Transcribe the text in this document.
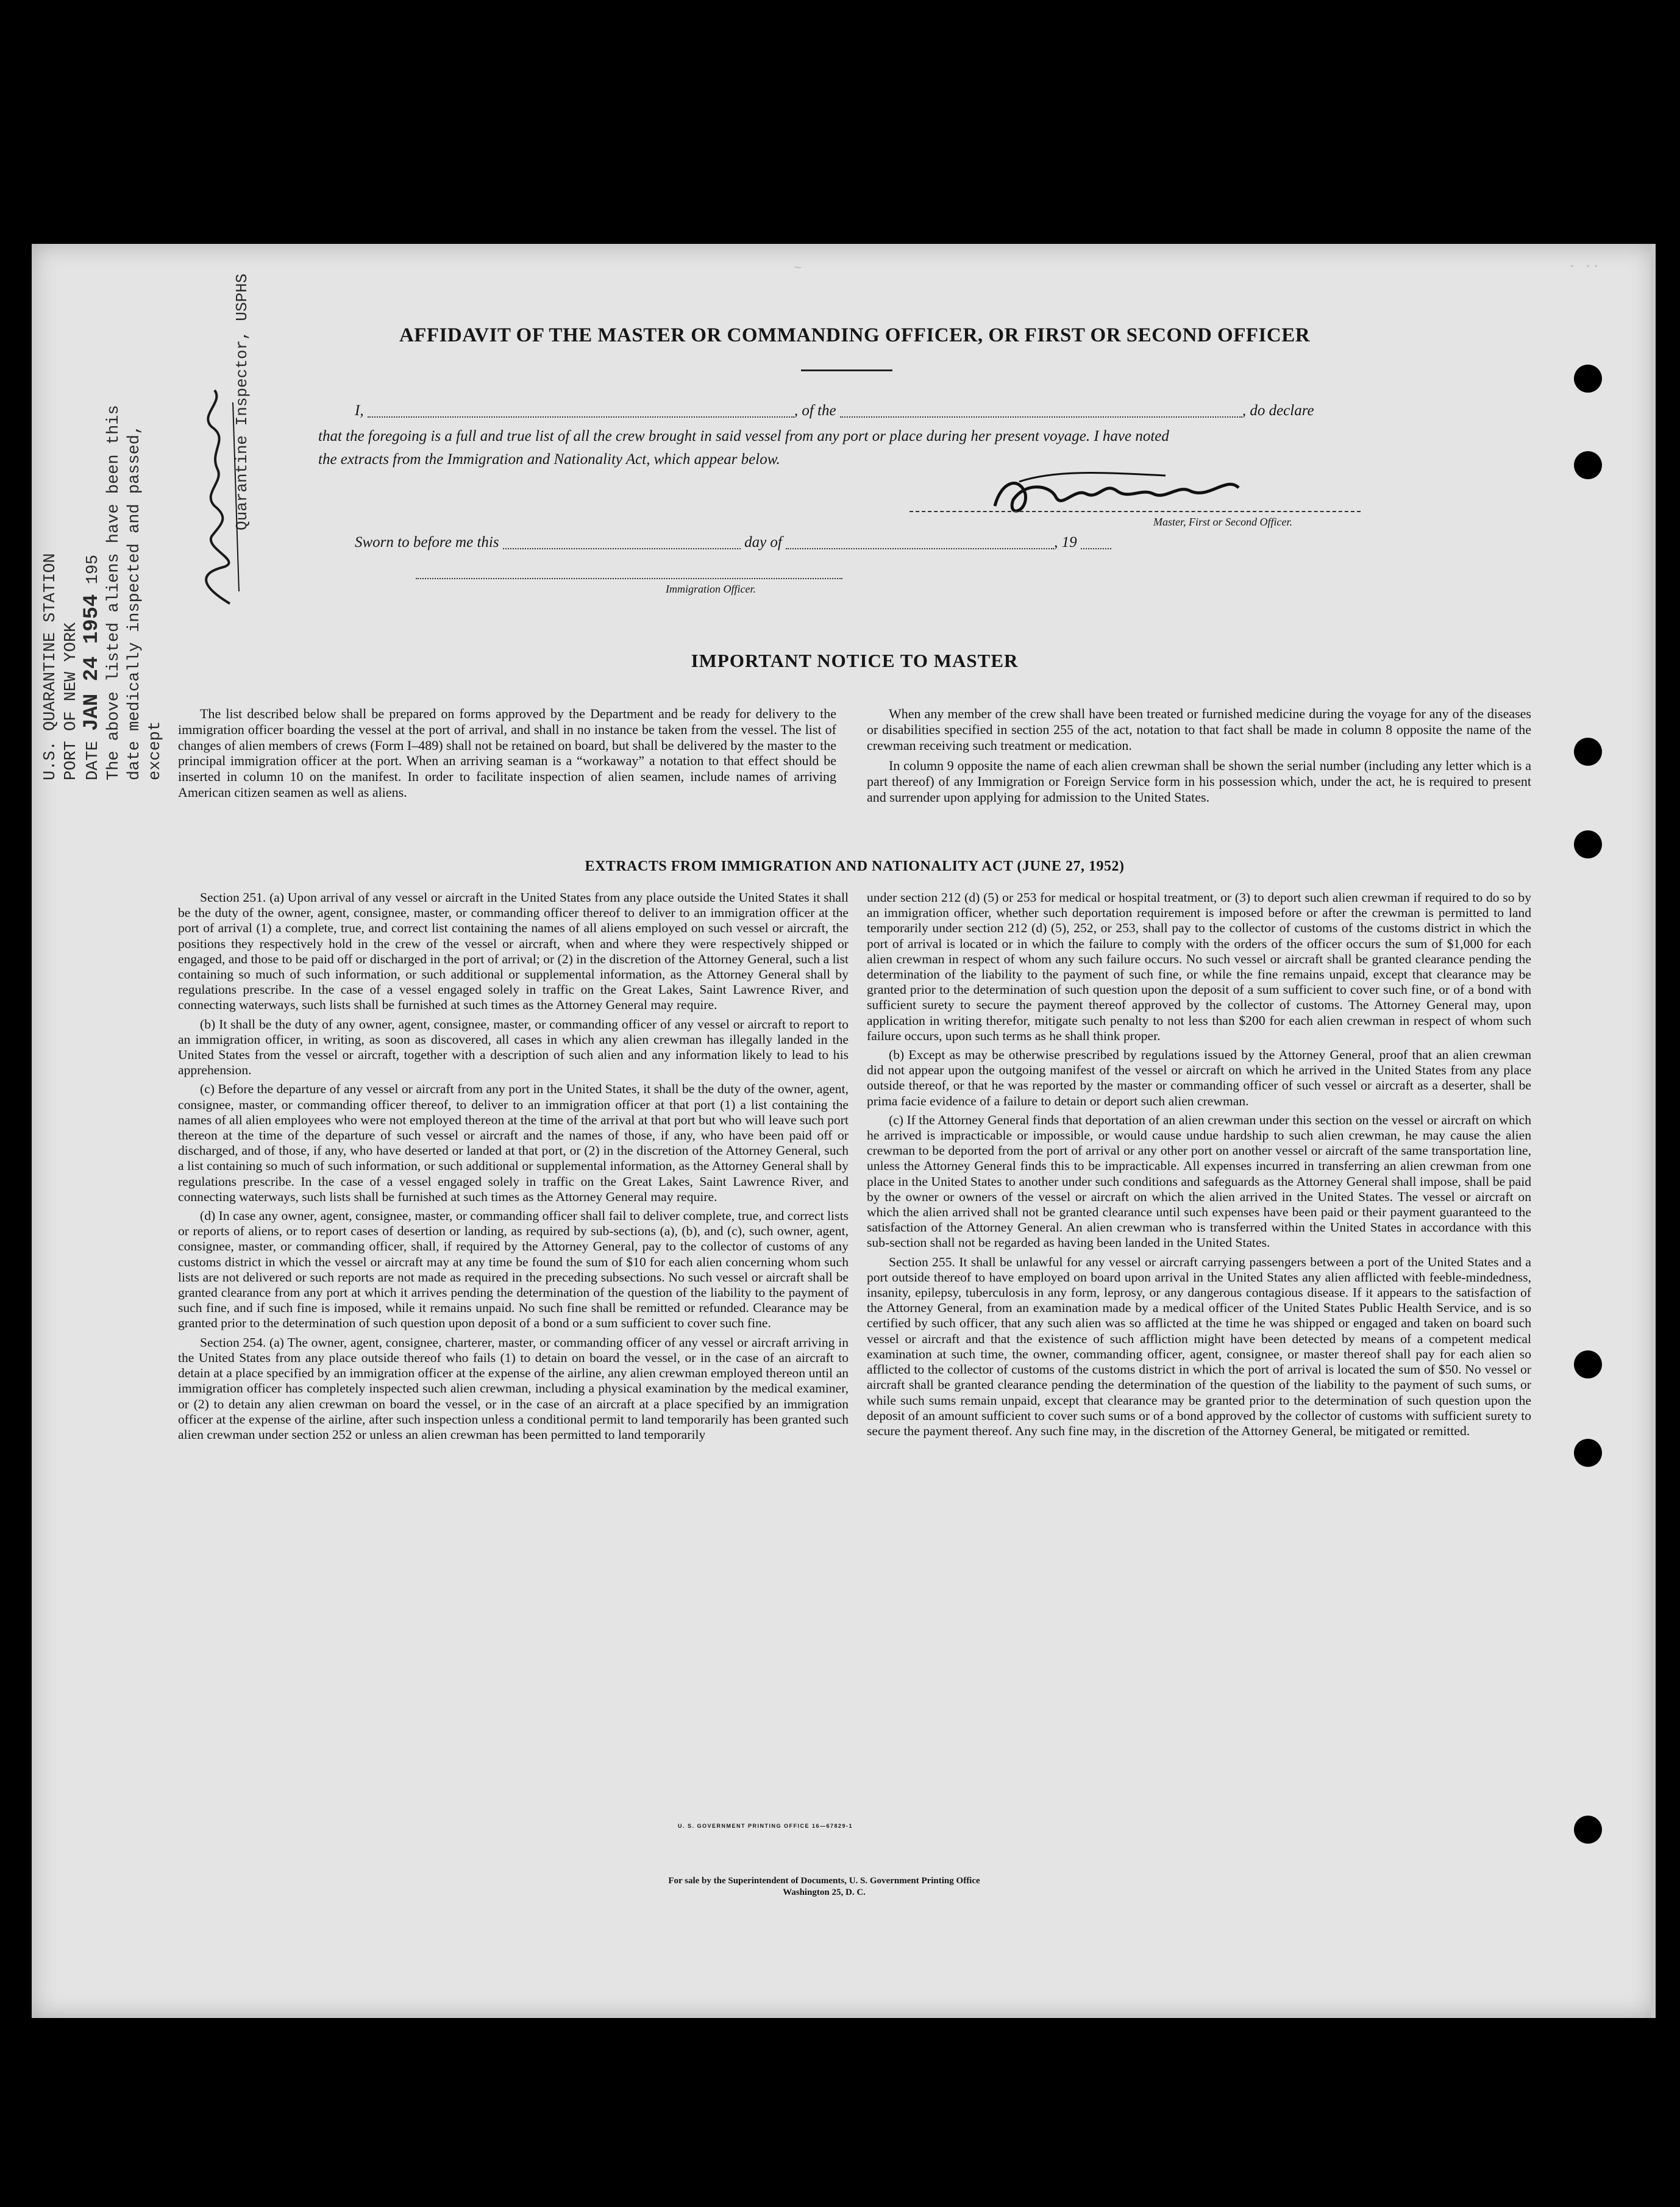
~	. ..
U.S. QUARANTINE STATION PORT OF NEW YORK DATE JAN 24 1954 195 The above listed aliens have been this date medically inspected and passed, except
Quarantine Inspector, USPHS	AFFIDAVIT OF THE MASTER OR COMMANDING OFFICER, OR FIRST OR SECOND OFFICER
I,	, of the	, do declare
that the foregoing is a full and true list of all the crew brought in said vessel from any port or place during her present voyage. I have noted
the extracts from the Immigration and Nationality Act, which appear below.
Master, First or Second Officer.
Sworn to before me this	day of	, 19
Immigration Officer.
IMPORTANT NOTICE TO MASTER

The list described below shall be prepared on forms approved by the Department and be ready for delivery to the immigration officer boarding the vessel at the port of arrival, and shall in no instance be taken from the vessel. The list of changes of alien members of crews (Form I–489) shall not be retained on board, but shall be delivered by the master to the principal immigration officer at the port. When an arriving seaman is a “workaway” a notation to that effect should be inserted in column 10 on the manifest. In order to facilitate inspection of alien seamen, include names of arriving American citizen seamen as well as aliens.

When any member of the crew shall have been treated or furnished medicine during the voyage for any of the diseases or disabilities specified in section 255 of the act, notation to that fact shall be made in column 8 opposite the name of the crewman receiving such treatment or medication.

In column 9 opposite the name of each alien crewman shall be shown the serial number (including any letter which is a part thereof) of any Immigration or Foreign Service form in his possession which, under the act, he is required to present and surrender upon applying for admission to the United States.

EXTRACTS FROM IMMIGRATION AND NATIONALITY ACT (JUNE 27, 1952)

Section 251. (a) Upon arrival of any vessel or aircraft in the United States from any place outside the United States it shall be the duty of the owner, agent, consignee, master, or commanding officer thereof to deliver to an immigration officer at the port of arrival (1) a complete, true, and correct list containing the names of all aliens employed on such vessel or aircraft, the positions they respectively hold in the crew of the vessel or aircraft, when and where they were respectively shipped or engaged, and those to be paid off or discharged in the port of arrival; or (2) in the discretion of the Attorney General, such a list containing so much of such information, or such additional or supplemental information, as the Attorney General shall by regulations prescribe. In the case of a vessel engaged solely in traffic on the Great Lakes, Saint Lawrence River, and connecting waterways, such lists shall be furnished at such times as the Attorney General may require.

(b) It shall be the duty of any owner, agent, consignee, master, or commanding officer of any vessel or aircraft to report to an immigration officer, in writing, as soon as discovered, all cases in which any alien crewman has illegally landed in the United States from the vessel or aircraft, together with a description of such alien and any information likely to lead to his apprehension.

(c) Before the departure of any vessel or aircraft from any port in the United States, it shall be the duty of the owner, agent, consignee, master, or commanding officer thereof, to deliver to an immigration officer at that port (1) a list containing the names of all alien employees who were not employed thereon at the time of the arrival at that port but who will leave such port thereon at the time of the departure of such vessel or aircraft and the names of those, if any, who have been paid off or discharged, and of those, if any, who have deserted or landed at that port, or (2) in the discretion of the Attorney General, such a list containing so much of such information, or such additional or supplemental information, as the Attorney General shall by regulations prescribe. In the case of a vessel engaged solely in traffic on the Great Lakes, Saint Lawrence River, and connecting waterways, such lists shall be furnished at such times as the Attorney General may require.

(d) In case any owner, agent, consignee, master, or commanding officer shall fail to deliver complete, true, and correct lists or reports of aliens, or to report cases of desertion or landing, as required by sub-sections (a), (b), and (c), such owner, agent, consignee, master, or commanding officer, shall, if required by the Attorney General, pay to the collector of customs of any customs district in which the vessel or aircraft may at any time be found the sum of $10 for each alien concerning whom such lists are not delivered or such reports are not made as required in the preceding subsections. No such vessel or aircraft shall be granted clearance from any port at which it arrives pending the determination of the question of the liability to the payment of such fine, and if such fine is imposed, while it remains unpaid. No such fine shall be remitted or refunded. Clearance may be granted prior to the determination of such question upon deposit of a bond or a sum sufficient to cover such fine.

Section 254. (a) The owner, agent, consignee, charterer, master, or commanding officer of any vessel or aircraft arriving in the United States from any place outside thereof who fails (1) to detain on board the vessel, or in the case of an aircraft to detain at a place specified by an immigration officer at the expense of the airline, any alien crewman employed thereon until an immigration officer has completely inspected such alien crewman, including a physical examination by the medical examiner, or (2) to detain any alien crewman on board the vessel, or in the case of an aircraft at a place specified by an immigration officer at the expense of the airline, after such inspection unless a conditional permit to land temporarily has been granted such alien crewman under section 252 or unless an alien crewman has been permitted to land temporarily

under section 212 (d) (5) or 253 for medical or hospital treatment, or (3) to deport such alien crewman if required to do so by an immigration officer, whether such deportation requirement is imposed before or after the crewman is permitted to land temporarily under section 212 (d) (5), 252, or 253, shall pay to the collector of customs of the customs district in which the port of arrival is located or in which the failure to comply with the orders of the officer occurs the sum of $1,000 for each alien crewman in respect of whom any such failure occurs. No such vessel or aircraft shall be granted clearance pending the determination of the liability to the payment of such fine, or while the fine remains unpaid, except that clearance may be granted prior to the determination of such question upon the deposit of a sum sufficient to cover such fine, or of a bond with sufficient surety to secure the payment thereof approved by the collector of customs. The Attorney General may, upon application in writing therefor, mitigate such penalty to not less than $200 for each alien crewman in respect of whom such failure occurs, upon such terms as he shall think proper.

(b) Except as may be otherwise prescribed by regulations issued by the Attorney General, proof that an alien crewman did not appear upon the outgoing manifest of the vessel or aircraft on which he arrived in the United States from any place outside thereof, or that he was reported by the master or commanding officer of such vessel or aircraft as a deserter, shall be prima facie evidence of a failure to detain or deport such alien crewman.

(c) If the Attorney General finds that deportation of an alien crewman under this section on the vessel or aircraft on which he arrived is impracticable or impossible, or would cause undue hardship to such alien crewman, he may cause the alien crewman to be deported from the port of arrival or any other port on another vessel or aircraft of the same transportation line, unless the Attorney General finds this to be impracticable. All expenses incurred in transferring an alien crewman from one place in the United States to another under such conditions and safeguards as the Attorney General shall impose, shall be paid by the owner or owners of the vessel or aircraft on which the alien arrived in the United States. The vessel or aircraft on which the alien arrived shall not be granted clearance until such expenses have been paid or their payment guaranteed to the satisfaction of the Attorney General. An alien crewman who is transferred within the United States in accordance with this sub-section shall not be regarded as having been landed in the United States.

Section 255. It shall be unlawful for any vessel or aircraft carrying passengers between a port of the United States and a port outside thereof to have employed on board upon arrival in the United States any alien afflicted with feeble-mindedness, insanity, epilepsy, tuberculosis in any form, leprosy, or any dangerous contagious disease. If it appears to the satisfaction of the Attorney General, from an examination made by a medical officer of the United States Public Health Service, and is so certified by such officer, that any such alien was so afflicted at the time he was shipped or engaged and taken on board such vessel or aircraft and that the existence of such affliction might have been detected by means of a competent medical examination at such time, the owner, commanding officer, agent, consignee, or master thereof shall pay for each alien so afflicted to the collector of customs of the customs district in which the port of arrival is located the sum of $50. No vessel or aircraft shall be granted clearance pending the determination of the question of the liability to the payment of such sums, or while such sums remain unpaid, except that clearance may be granted prior to the determination of such question upon the deposit of an amount sufficient to cover such sums or of a bond approved by the collector of customs with sufficient surety to secure the payment thereof. Any such fine may, in the discretion of the Attorney General, be mitigated or remitted.

U. S. GOVERNMENT PRINTING OFFICE 16—67829-1
For sale by the Superintendent of Documents, U. S. Government Printing Office
Washington 25, D. C.
